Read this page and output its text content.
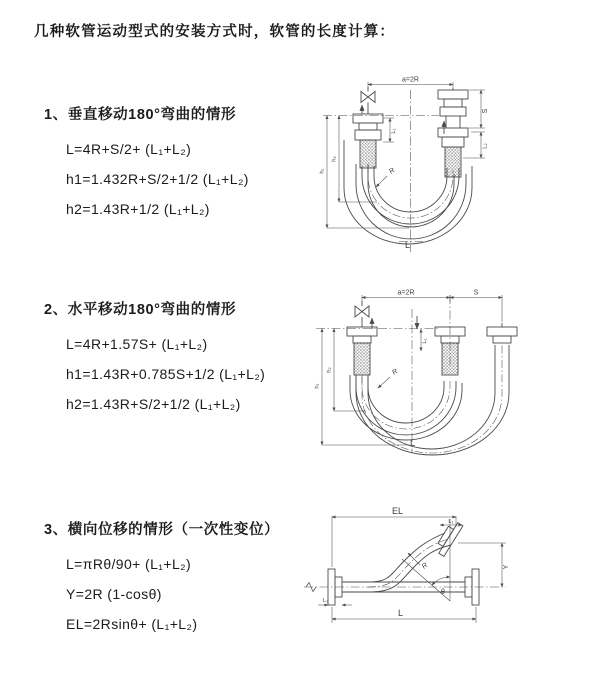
几种软管运动型式的安装方式时，软管的长度计算：
1、垂直移动180°弯曲的情形
L=4R+S/2+ (L₁+L₂)
h1=1.432R+S/2+1/2 (L₁+L₂)
h2=1.43R+1/2 (L₁+L₂)
2、水平移动180°弯曲的情形
L=4R+1.57S+ (L₁+L₂)
h1=1.43R+0.785S+1/2 (L₁+L₂)
h2=1.43R+S/2+1/2 (L₁+L₂)
3、横向位移的情形（一次性变位）
L=πRθ/90+ (L₁+L₂)
Y=2R (1-cosθ)
EL=2Rsinθ+ (L₁+L₂)
a=2R
S
L₁
L₂
h₂
h₁	R
L
a=2R	S
L₁
h₂
h₁
R
L
EL
L₁
Y
L₂
R
θ
L
